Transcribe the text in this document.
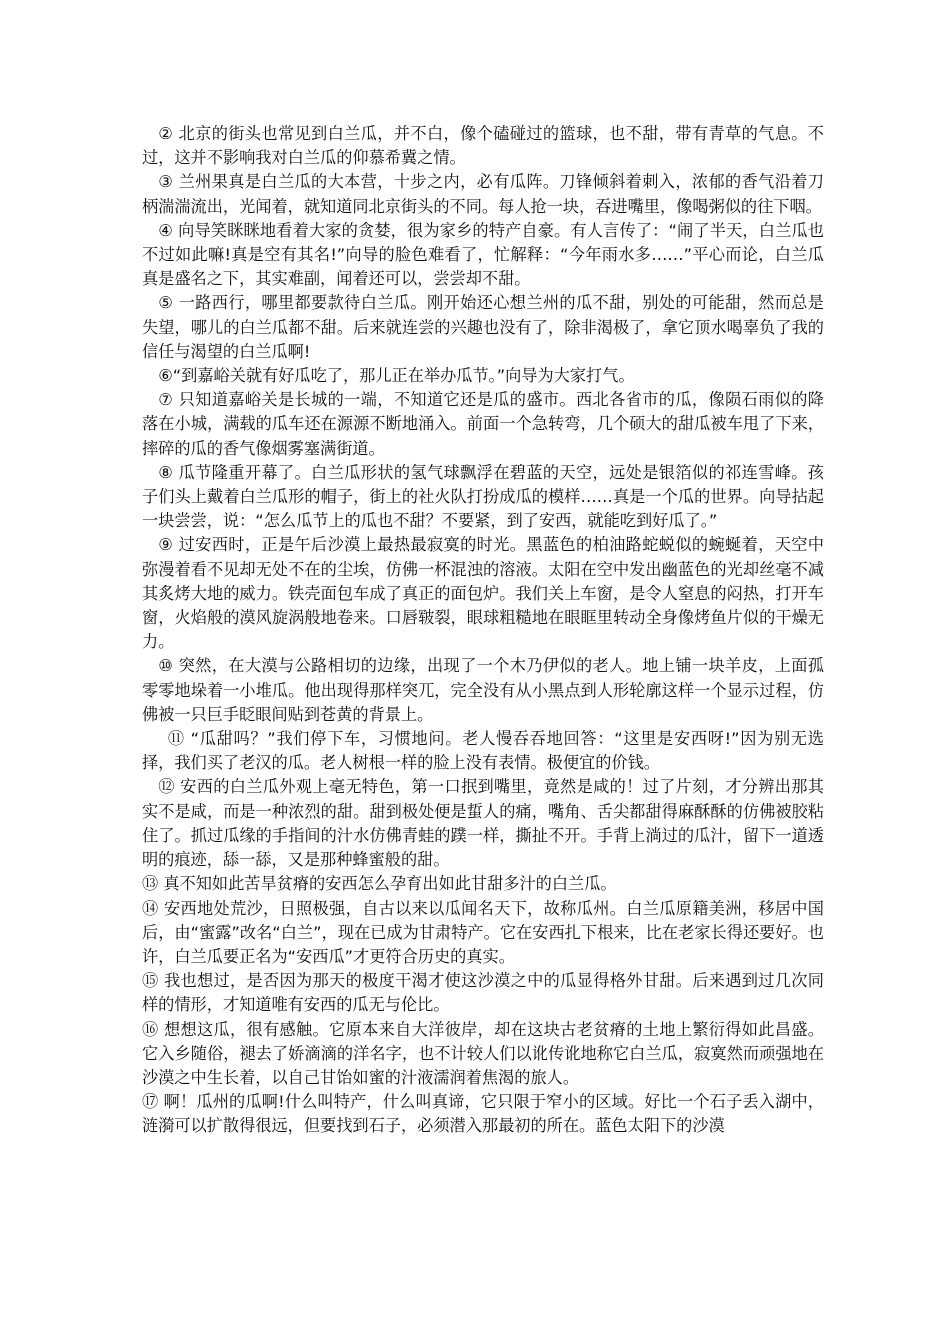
② 北京的街头也常见到白兰瓜，并不白，像个磕碰过的篮球，也不甜，带有青草的气息。不过，这并不影响我对白兰瓜的仰慕希冀之情。

③ 兰州果真是白兰瓜的大本营，十步之内，必有瓜阵。刀锋倾斜着刺入，浓郁的香气沿着刀柄湍湍流出，光闻着，就知道同北京街头的不同。每人抢一块，吞进嘴里，像喝粥似的往下咽。

④ 向导笑眯眯地看着大家的贪婪，很为家乡的特产自豪。有人言传了：“闹了半天，白兰瓜也不过如此嘛!真是空有其名!”向导的脸色难看了，忙解释：“今年雨水多……”平心而论，白兰瓜真是盛名之下，其实难副，闻着还可以，尝尝却不甜。

⑤ 一路西行，哪里都要款待白兰瓜。刚开始还心想兰州的瓜不甜，别处的可能甜，然而总是失望，哪儿的白兰瓜都不甜。后来就连尝的兴趣也没有了，除非渴极了，拿它顶水喝辜负了我的信任与渴望的白兰瓜啊!

⑥“到嘉峪关就有好瓜吃了，那儿正在举办瓜节。”向导为大家打气。

⑦ 只知道嘉峪关是长城的一端，不知道它还是瓜的盛市。西北各省市的瓜，像陨石雨似的降落在小城，满载的瓜车还在源源不断地涌入。前面一个急转弯，几个硕大的甜瓜被车甩了下来，摔碎的瓜的香气像烟雾塞满街道。

⑧ 瓜节隆重开幕了。白兰瓜形状的氢气球飘浮在碧蓝的天空，远处是银箔似的祁连雪峰。孩子们头上戴着白兰瓜形的帽子，街上的社火队打扮成瓜的模样……真是一个瓜的世界。向导拈起一块尝尝，说：“怎么瓜节上的瓜也不甜？不要紧，到了安西，就能吃到好瓜了。”

⑨ 过安西时，正是午后沙漠上最热最寂寞的时光。黑蓝色的柏油路蛇蜕似的蜿蜒着，天空中弥漫着看不见却无处不在的尘埃，仿佛一杯混浊的溶液。太阳在空中发出幽蓝色的光却丝毫不减其炙烤大地的威力。铁壳面包车成了真正的面包炉。我们关上车窗，是令人窒息的闷热，打开车窗，火焰般的漠风旋涡般地卷来。口唇皲裂，眼球粗糙地在眼眶里转动全身像烤鱼片似的干燥无力。

⑩ 突然，在大漠与公路相切的边缘，出现了一个木乃伊似的老人。地上铺一块羊皮，上面孤零零地垛着一小堆瓜。他出现得那样突兀，完全没有从小黑点到人形轮廓这样一个显示过程，仿佛被一只巨手眨眼间贴到苍黄的背景上。

⑪ “瓜甜吗？”我们停下车，习惯地问。老人慢吞吞地回答：“这里是安西呀!”因为别无选择，我们买了老汉的瓜。老人树根一样的脸上没有表情。极便宜的价钱。

⑫ 安西的白兰瓜外观上毫无特色，第一口抿到嘴里，竟然是咸的！过了片刻，才分辨出那其实不是咸，而是一种浓烈的甜。甜到极处便是蜇人的痛，嘴角、舌尖都甜得麻酥酥的仿佛被胶粘住了。抓过瓜缘的手指间的汁水仿佛青蛙的蹼一样，撕扯不开。手背上淌过的瓜汁，留下一道透明的痕迹，舔一舔，又是那种蜂蜜般的甜。

⑬ 真不知如此苦旱贫瘠的安西怎么孕育出如此甘甜多汁的白兰瓜。

⑭ 安西地处荒沙，日照极强，自古以来以瓜闻名天下，故称瓜州。白兰瓜原籍美洲，移居中国后，由“蜜露”改名“白兰”，现在已成为甘肃特产。它在安西扎下根来，比在老家长得还要好。也许，白兰瓜要正名为“安西瓜”才更符合历史的真实。

⑮ 我也想过，是否因为那天的极度干渴才使这沙漠之中的瓜显得格外甘甜。后来遇到过几次同样的情形，才知道唯有安西的瓜无与伦比。

⑯ 想想这瓜，很有感触。它原本来自大洋彼岸，却在这块古老贫瘠的土地上繁衍得如此昌盛。它入乡随俗，褪去了娇滴滴的洋名字，也不计较人们以讹传讹地称它白兰瓜，寂寞然而顽强地在沙漠之中生长着，以自己甘饴如蜜的汁液濡润着焦渴的旅人。

⑰ 啊！瓜州的瓜啊!什么叫特产，什么叫真谛，它只限于窄小的区域。好比一个石子丢入湖中，涟漪可以扩散得很远，但要找到石子，必须潜入那最初的所在。蓝色太阳下的沙漠
